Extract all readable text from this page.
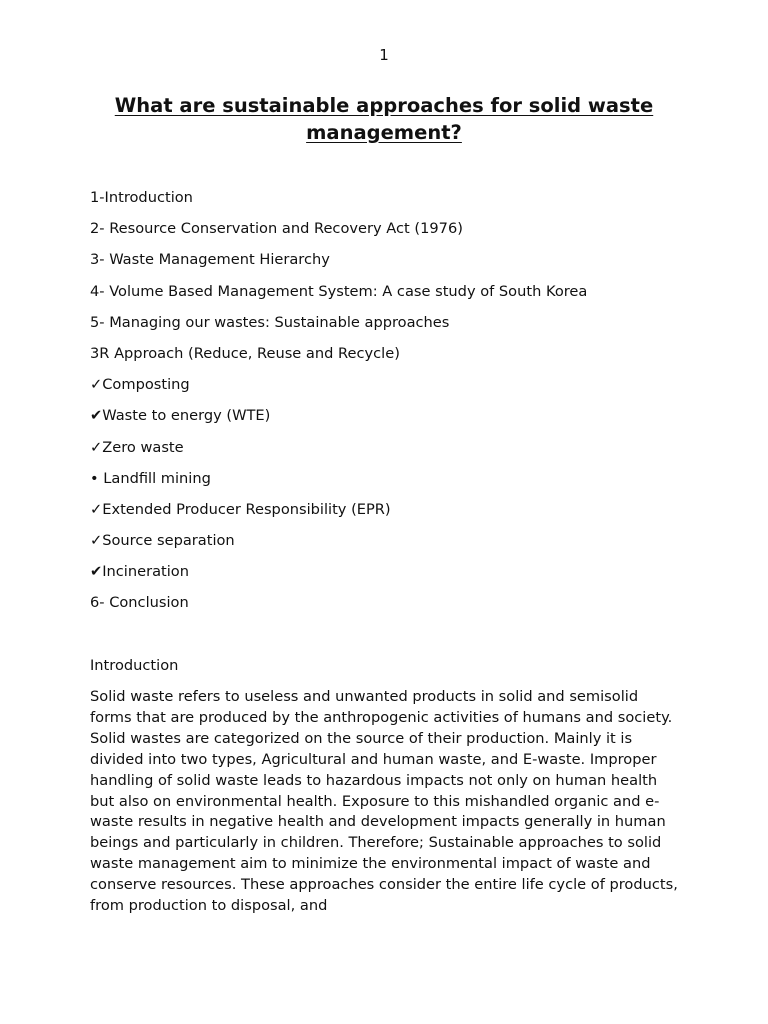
1
What are sustainable approaches for solid waste management?
1-Introduction
2- Resource Conservation and Recovery Act (1976)
3- Waste Management Hierarchy
4- Volume Based Management System: A case study of South Korea
5- Managing our wastes: Sustainable approaches
3R Approach (Reduce, Reuse and Recycle)
✓Composting
✔Waste to energy (WTE)
✓Zero waste
• Landfill mining
✓Extended Producer Responsibility (EPR)
✓Source separation
✔Incineration
6- Conclusion
Introduction

Solid waste refers to useless and unwanted products in solid and semisolid forms that are produced by the anthropogenic activities of humans and society. Solid wastes are categorized on the source of their production. Mainly it is divided into two types, Agricultural and human waste, and E-waste. Improper handling of solid waste leads to hazardous impacts not only on human health but also on environmental health. Exposure to this mishandled organic and e-waste results in negative health and development impacts generally in human beings and particularly in children. Therefore; Sustainable approaches to solid waste management aim to minimize the environmental impact of waste and conserve resources. These approaches consider the entire life cycle of products, from production to disposal, and
